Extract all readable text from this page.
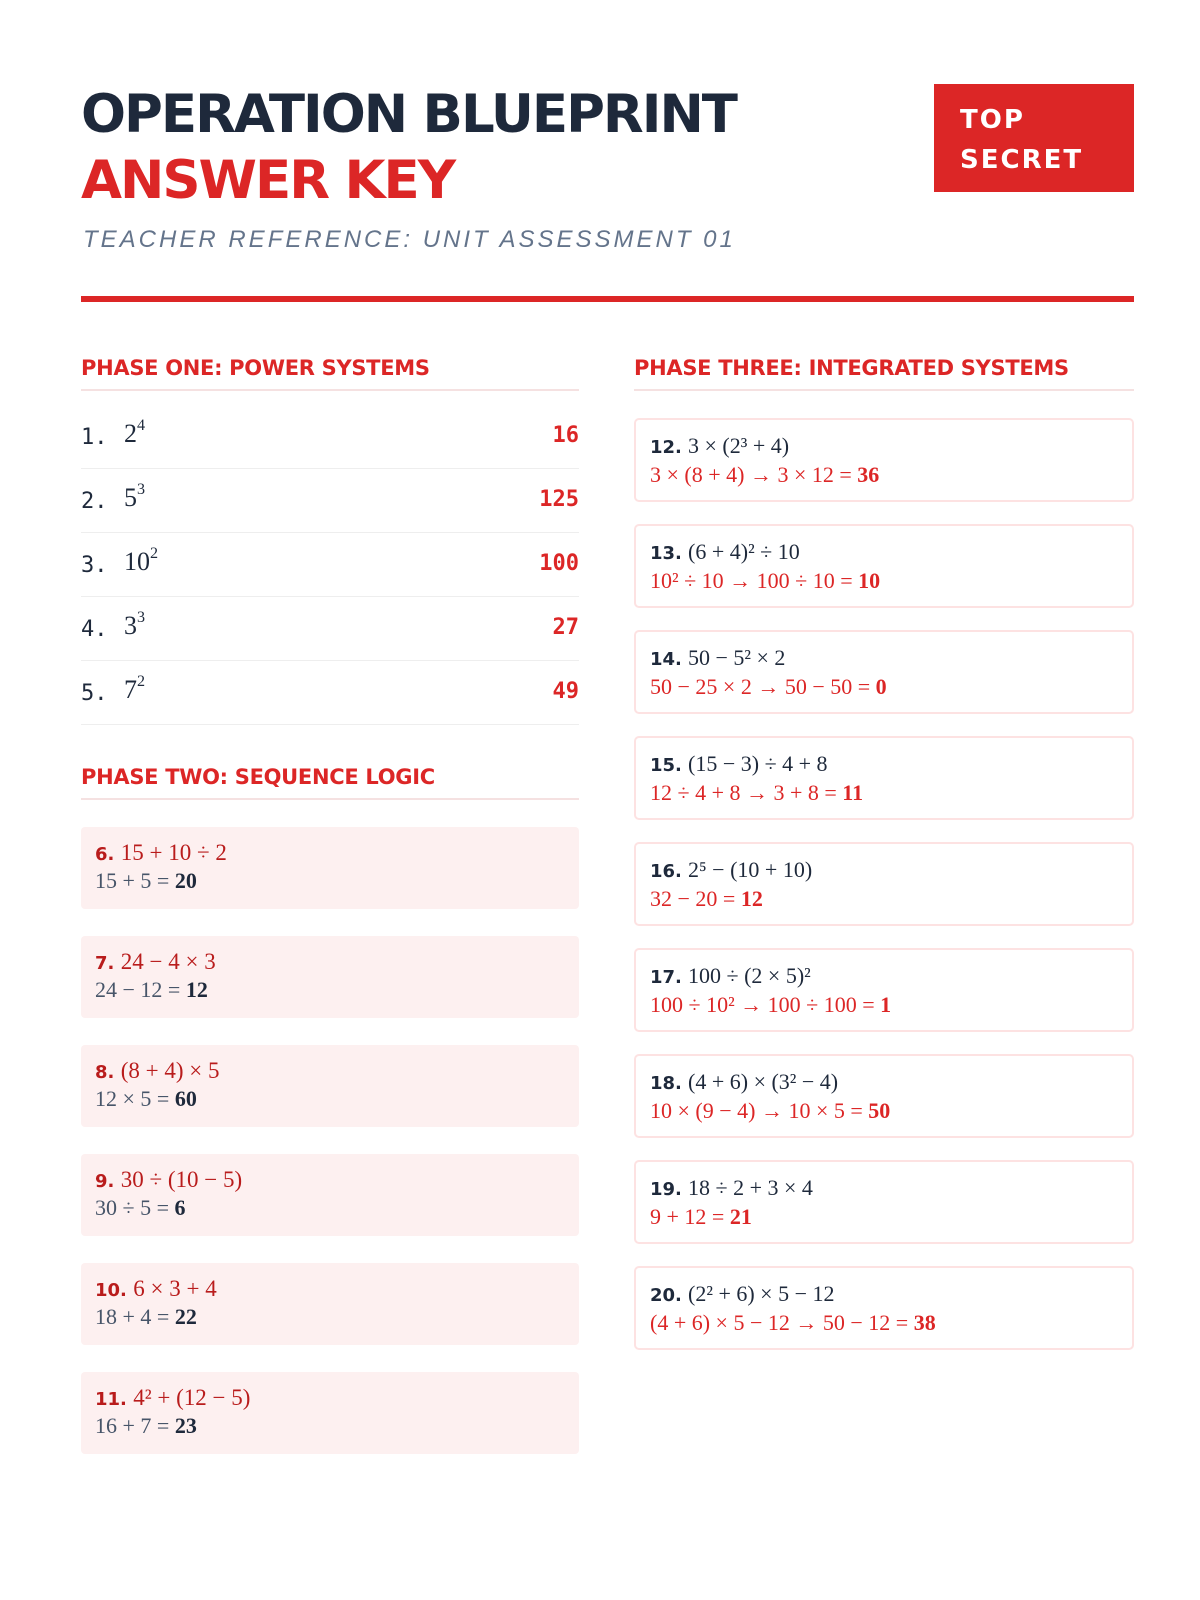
OPERATION BLUEPRINT
ANSWER KEY
TEACHER REFERENCE: UNIT ASSESSMENT 01
TOP
SECRET
PHASE ONE: POWER SYSTEMS
1. $2^4$	16
2. $5^3$	125
3. $10^2$	100
4. $3^3$	27
5. $7^2$	49
PHASE TWO: SEQUENCE LOGIC
6. 15 + 10 ÷ 2
15 + 5 = 20
7. 24 − 4 × 3
24 − 12 = 12
8. (8 + 4) × 5
12 × 5 = 60
9. 30 ÷ (10 − 5)
30 ÷ 5 = 6
10. 6 × 3 + 4
18 + 4 = 22
11. 4² + (12 − 5)
16 + 7 = 23
PHASE THREE: INTEGRATED SYSTEMS
12. 3 × (2³ + 4)
3 × (8 + 4) → 3 × 12 = 36
13. (6 + 4)² ÷ 10
10² ÷ 10 → 100 ÷ 10 = 10
14. 50 − 5² × 2
50 − 25 × 2 → 50 − 50 = 0
15. (15 − 3) ÷ 4 + 8
12 ÷ 4 + 8 → 3 + 8 = 11
16. 2⁵ − (10 + 10)
32 − 20 = 12
17. 100 ÷ (2 × 5)²
100 ÷ 10² → 100 ÷ 100 = 1
18. (4 + 6) × (3² − 4)
10 × (9 − 4) → 10 × 5 = 50
19. 18 ÷ 2 + 3 × 4
9 + 12 = 21
20. (2² + 6) × 5 − 12
(4 + 6) × 5 − 12 → 50 − 12 = 38
